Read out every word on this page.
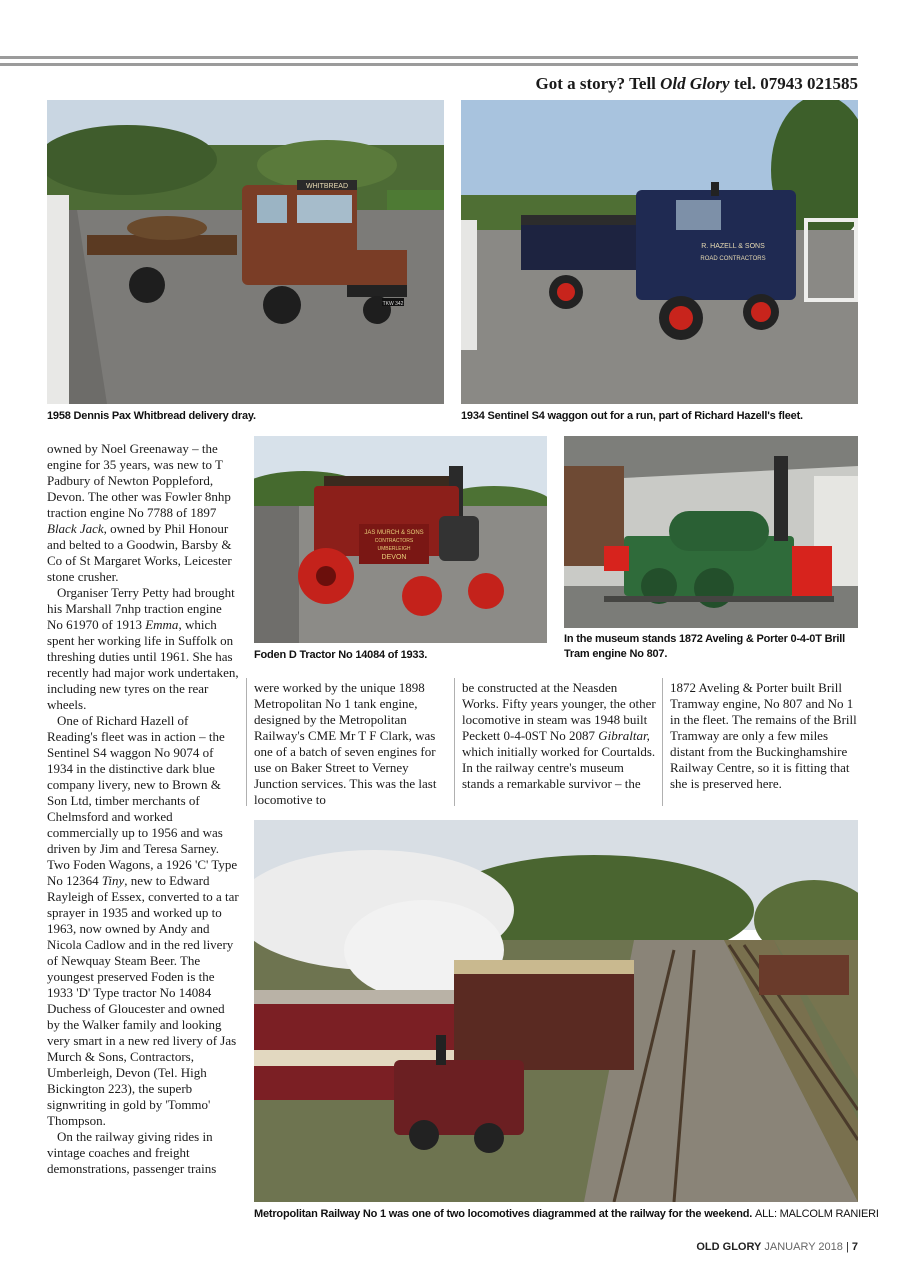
Got a story? Tell Old Glory tel. 07943 021585
WHITBREAD
TKW 342
1958 Dennis Pax Whitbread delivery dray.
R. HAZELL & SONS
ROAD CONTRACTORS
1934 Sentinel S4 waggon out for a run, part of Richard Hazell's fleet.
JAS MURCH & SONS
CONTRACTORS
UMBERLEIGH
DEVON
Foden D Tractor No 14084 of 1933.
In the museum stands 1872 Aveling & Porter 0-4-0T Brill Tram engine No 807.
Metropolitan Railway No 1 was one of two locomotives diagrammed at the railway for the weekend. ALL: MALCOLM RANIERI

owned by Noel Greenaway – the engine for 35 years, was new to T Padbury of Newton Poppleford, Devon. The other was Fowler 8nhp traction engine No 7788 of 1897 Black Jack, owned by Phil Honour and belted to a Goodwin, Barsby & Co of St Margaret Works, Leicester stone crusher.

Organiser Terry Petty had brought his Marshall 7nhp traction engine No 61970 of 1913 Emma, which spent her working life in Suffolk on threshing duties until 1961. She has recently had major work undertaken, including new tyres on the rear wheels.

One of Richard Hazell of Reading's fleet was in action – the Sentinel S4 waggon No 9074 of 1934 in the distinctive dark blue company livery, new to Brown & Son Ltd, timber merchants of Chelmsford and worked commercially up to 1956 and was driven by Jim and Teresa Sarney. Two Foden Wagons, a 1926 'C' Type No 12364 Tiny, new to Edward Rayleigh of Essex, converted to a tar sprayer in 1935 and worked up to 1963, now owned by Andy and Nicola Cadlow and in the red livery of Newquay Steam Beer. The youngest preserved Foden is the 1933 'D' Type tractor No 14084 Duchess of Gloucester and owned by the Walker family and looking very smart in a new red livery of Jas Murch & Sons, Contractors, Umberleigh, Devon (Tel. High Bickington 223), the superb signwriting in gold by 'Tommo' Thompson.

On the railway giving rides in vintage coaches and freight demonstrations, passenger trains

were worked by the unique 1898 Metropolitan No 1 tank engine, designed by the Metropolitan Railway's CME Mr T F Clark, was one of a batch of seven engines for use on Baker Street to Verney Junction services. This was the last locomotive to

be constructed at the Neasden Works. Fifty years younger, the other locomotive in steam was 1948 built Peckett 0-4-0ST No 2087 Gibraltar, which initially worked for Courtalds. In the railway centre's museum stands a remarkable survivor – the

1872 Aveling & Porter built Brill Tramway engine, No 807 and No 1 in the fleet. The remains of the Brill Tramway are only a few miles distant from the Buckinghamshire Railway Centre, so it is fitting that she is preserved here.

OLD GLORY JANUARY 2018 | 7
